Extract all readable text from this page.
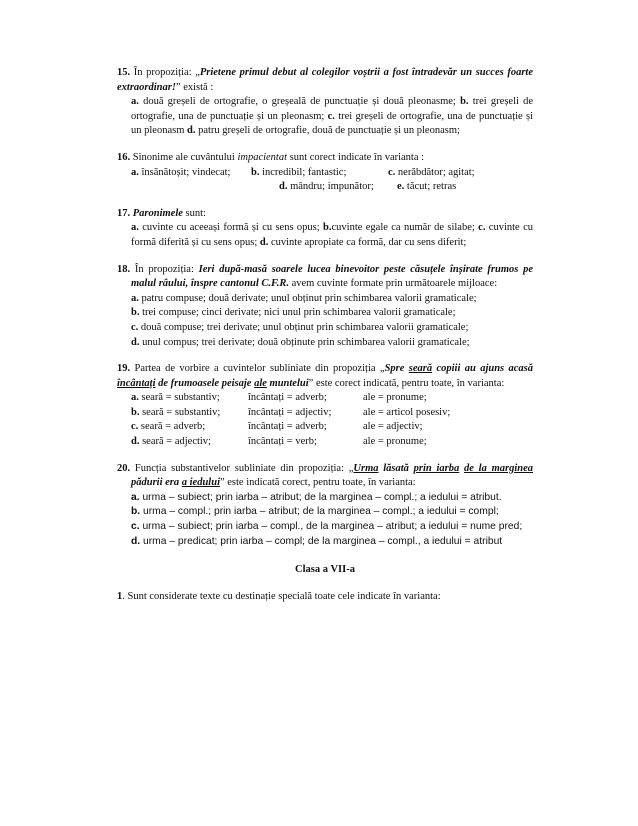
15. În propoziția: „Prietene primul debut al colegilor voștrii a fost întradevăr un succes foarte extraordinar!” există :

a. două greșeli de ortografie, o greșeală de punctuație și două pleonasme; b. trei greșeli de ortografie, una de punctuație și un pleonasm; c. trei greșeli de ortografie, una de punctuație și un pleonasm d. patru greșeli de ortografie, două de punctuație și un pleonasm;

16. Sinonime ale cuvântului impacientat sunt corect indicate în varianta :

a. însănătoșit; vindecat;	b. incredibil; fantastic;	c. nerăbdător; agitat;
d. mândru; impunător;	e. tăcut; retras

17. Paronimele sunt:

a. cuvinte cu aceeași formă și cu sens opus; b.cuvinte egale ca număr de silabe; c. cuvinte cu formă diferită și cu sens opus; d. cuvinte apropiate ca formă, dar cu sens diferit;

18. În propoziția: Ieri după-masă soarele lucea binevoitor peste căsuțele înșirate frumos pe malul râului, înspre cantonul C.F.R. avem cuvinte formate prin următoarele mijloace:

a. patru compuse; două derivate; unul obținut prin schimbarea valorii gramaticale;

b. trei compuse; cinci derivate; nici unul prin schimbarea valorii gramaticale;

c. două compuse; trei derivate; unul obținut prin schimbarea valorii gramaticale;

d. unul compus; trei derivate; două obținute prin schimbarea valorii gramaticale;

19. Partea de vorbire a cuvintelor subliniate din propoziția „Spre seară copiii au ajuns acasă încântați de frumoasele peisaje ale muntelui” este corect indicată, pentru toate, în varianta:

a. seară = substantiv;	încântați = adverb;	ale = pronume;
b. seară = substantiv;	încântați = adjectiv;	ale = articol posesiv;
c. seară = adverb;	încântați = adverb;	ale = adjectiv;
d. seară = adjectiv;	încântați = verb;	ale = pronume;

20. Funcția substantivelor subliniate din propoziția: „Urma lăsată prin iarba de la marginea pădurii era a iedului” este indicată corect, pentru toate, în varianta:

a. urma – subiect; prin iarba – atribut; de la marginea – compl.; a iedului = atribut.

b. urma – compl.; prin iarba – atribut; de la marginea – compl.; a iedului = compl;

c. urma – subiect; prin iarba – compl., de la marginea – atribut; a iedului = nume pred;

d. urma – predicat; prin iarba – compl; de la marginea – compl., a iedului = atribut

Clasa a VII-a

1. Sunt considerate texte cu destinație specială toate cele indicate în varianta:
